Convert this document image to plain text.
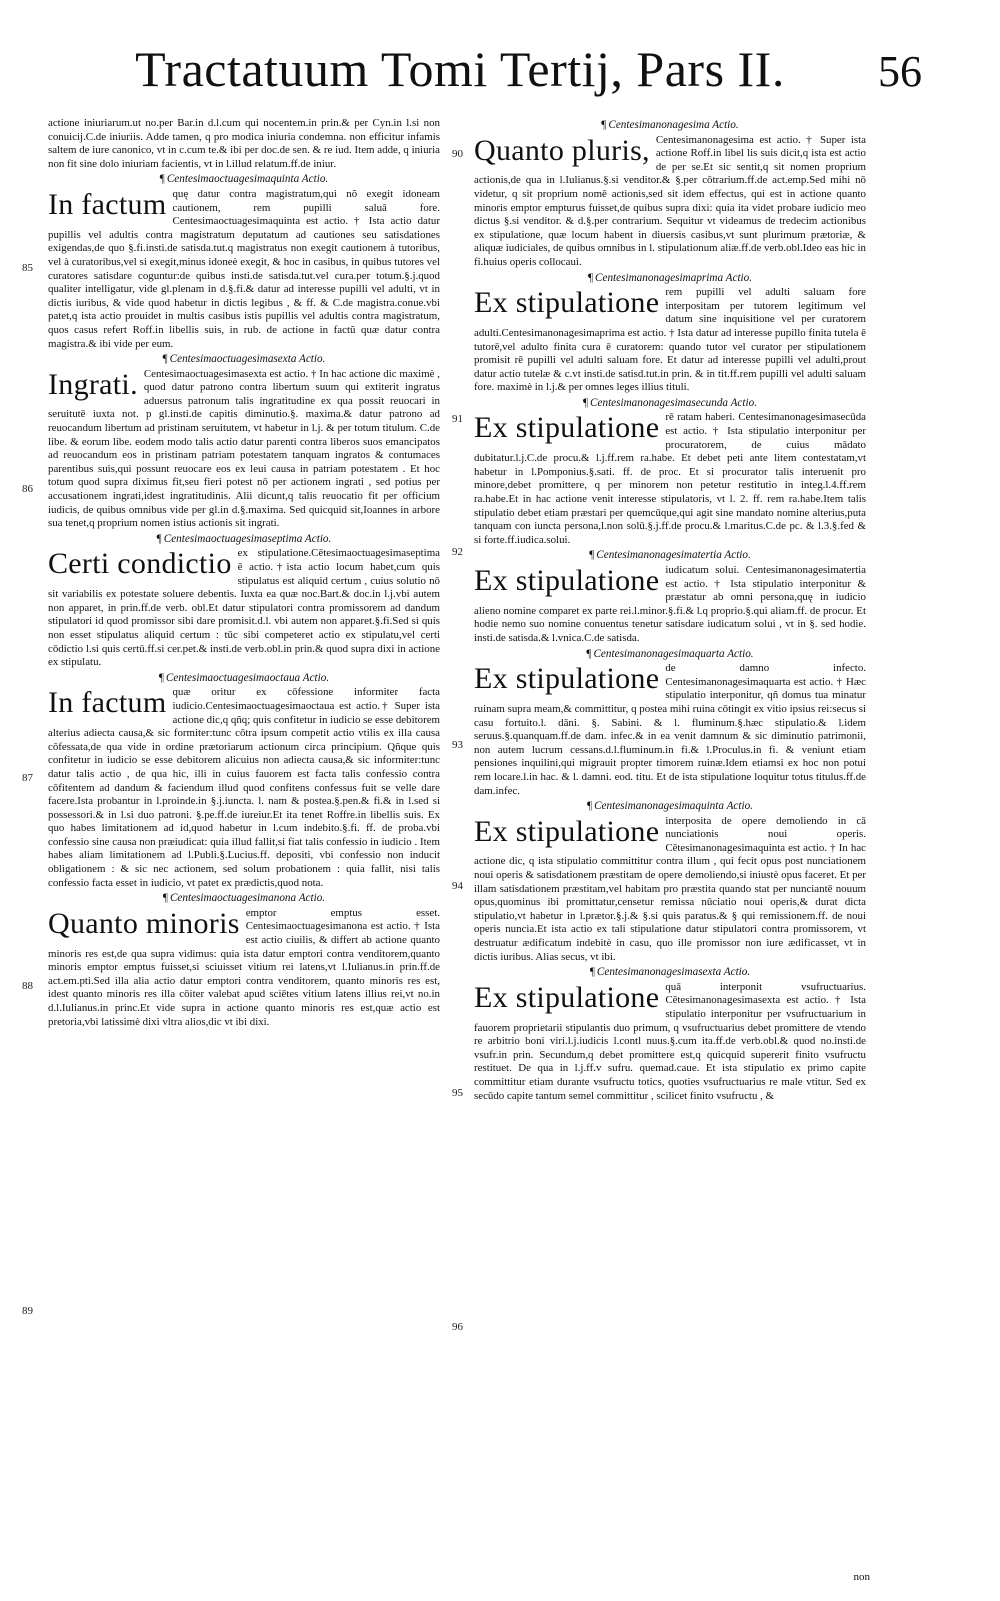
Tractatuum Tomi Tertij, Pars II.	56

actione iniuriarum.ut no.per Bar.in d.l.cum qui nocentem.in prin.& per Cyn.in l.si non conuicij.C.de iniuriis. Adde tamen, q pro modica iniuria condemna. non efficitur infamis saltem de iure canonico, vt in c.cum te.& ibi per doc.de sen. & re iud. Item adde, q iniuria non fit sine dolo iniuriam facientis, vt in l.illud relatum.ff.de iniur.

¶ Centesimaoctuagesimaquinta Actio.

In factum quę datur contra magistratum,qui nõ exegit idoneam cautionem, rem pupilli saluā fore. Centesimaoctuagesimaquinta est actio. † Ista actio datur pupillis vel adultis contra magistratum deputatum ad cautiones seu satisdationes exigendas,de quo §.fi.insti.de satisda.tut.q magistratus non exegit cautionem à tutoribus, vel à curatoribus,vel si exegit,minus idoneè exegit, & hoc in casibus, in quibus tutores vel curatores satisdare coguntur:de quibus insti.de satisda.tut.vel cura.per totum.§.j.quod qualiter intelligatur, vide gl.plenam in d.§.fi.& datur ad interesse pupilli vel adulti, vt in dictis iuribus, & vide quod habetur in dictis legibus , & ff. & C.de magistra.conue.vbi patet,q ista actio prouidet in multis casibus istis pupillis vel adultis contra magistratum, quos casus refert Roff.in libellis suis, in rub. de actione in factũ quæ datur contra magistra.& ibi vide per eum.

¶ Centesimaoctuagesimasexta Actio.

Ingrati. Centesimaoctuagesimasexta est actio. † In hac actione dic maximè , quod datur patrono contra libertum suum qui extiterit ingratus aduersus patronum talis ingratitudine ex qua possit reuocari in seruitutē iuxta not. p gl.insti.de capitis diminutio.§. maxima.& datur patrono ad reuocandum libertum ad pristinam seruitutem, vt habetur in l.j. & per totum titulum. C.de libe. & eorum libe. eodem modo talis actio datur parenti contra liberos suos emancipatos ad reuocandum eos in pristinam patriam potestatem tanquam ingratos & contumaces parentibus suis,qui possunt reuocare eos ex leui causa in patriam potestatem . Et hoc totum quod supra diximus fit,seu fieri potest nō per actionem ingrati , sed potius per accusationem ingrati,idest ingratitudinis. Alii dicunt,q talis reuocatio fit per officium iudicis, de quibus omnibus vide per gl.in d.§.maxima. Sed quicquid sit,Ioannes in arbore sua tenet,q proprium nomen istius actionis sit ingrati.

¶ Centesimaoctuagesimaseptima Actio.

Certi condictio ex stipulatione.Cētesimaoctuagesimaseptima ē actio.†ista actio locum habet,cum quis stipulatus est aliquid certum , cuius solutio nō sit variabilis ex potestate soluere debentis. Iuxta ea quæ noc.Bart.& doc.in l.j.vbi autem non apparet, in prin.ff.de verb. obl.Et datur stipulatori contra promissorem ad dandum stipulatori id quod promissor sibi dare promisit.d.l. vbi autem non apparet.§.fi.Sed si quis non esset stipulatus aliquid certum : tūc sibi competeret actio ex stipulatu,vel certi cōdictio l.si quis certū.ff.si cer.pet.& insti.de verb.obl.in prin.& quod supra dixi in actione ex stipulatu.

¶ Centesimaoctuagesimaoctaua Actio.

In factum quæ oritur ex cōfessione informiter facta iudicio.Centesimaoctuagesimaoctaua est actio.† Super ista actione dic,q qñq; quis confitetur in iudicio se esse debitorem alterius adiecta causa,& sic formiter:tunc cōtra ipsum competit actio vtilis ex illa causa cōfessata,de qua vide in ordine prætoriarum actionum circa principium. Qñque quis confitetur in iudicio se esse debitorem alicuius non adiecta causa,& sic informiter:tunc datur talis actio , de qua hic, illi in cuius fauorem est facta talis confessio contra cōfitentem ad dandum & faciendum illud quod confitens confessus fuit se velle dare facere.Ista probantur in l.proinde.in §.j.iuncta. l. nam & postea.§.pen.& fi.& in l.sed si possessori.& in l.si duo patroni. §.pe.ff.de iureiur.Et ita tenet Roffre.in libellis suis. Ex quo habes limitationem ad id,quod habetur in l.cum indebito.§.fi. ff. de proba.vbi confessio sine causa non præiudicat: quia illud fallit,si fiat talis confessio in iudicio . Item habes aliam limitationem ad l.Publi.§.Lucius.ff. depositi, vbi confessio non inducit obligationem : & sic nec actionem, sed solum probationem : quia fallit, nisi talis confessio facta esset in iudicio, vt patet ex prædictis,quod nota.

¶ Centesimaoctuagesimanona Actio.

Quanto minoris emptor emptus esset. Centesimaoctuagesimanona est actio. † Ista est actio ciuilis, & differt ab actione quanto minoris res est,de qua supra vidimus: quia ista datur emptori contra venditorem,quanto minoris emptor emptus fuisset,si sciuisset vitium rei latens,vt l.Iulianus.in prin.ff.de act.em.pti.Sed illa alia actio datur emptori contra venditorem, quanto minoris res est, idest quanto minoris res illa cōiter valebat apud sciētes vitium latens illius rei,vt no.in d.l.Iulianus.in princ.Et vide supra in actione quanto minoris res est,quæ actio est pretoria,vbi latissimè dixi vltra alios,dic vt ibi dixi.

¶ Centesimanonagesima Actio.

Quanto pluris, Centesimanonagesima est actio. † Super ista actione Roff.in libel lis suis dicit,q ista est actio de per se.Et sic sentit,q sit nomen proprium actionis,de qua in l.Iulianus.§.si venditor.& §.per cōtrarium.ff.de act.emp.Sed mihi nō videtur, q sit proprium nomē actionis,sed sit idem effectus, qui est in actione quanto minoris emptor empturus fuisset,de quibus supra dixi: quia ita videt probare iudicio meo dictus §.si venditor. & d.§.per contrarium. Sequitur vt videamus de tredecim actionibus ex stipulatione, quæ locum habent in diuersis casibus,vt sunt plurimum prætoriæ, & aliquæ iudiciales, de quibus omnibus in l. stipulationum aliæ.ff.de verb.obl.Ideo eas hic in fi.huius operis collocaui.

¶ Centesimanonagesimaprima Actio.

Ex stipulatione rem pupilli vel adulti saluam fore interpositam per tutorem legitimum vel datum sine inquisitione vel per curatorem adulti.Centesimanonagesimaprima est actio. † Ista datur ad interesse pupillo finita tutela ē tutorē,vel adulto finita cura ē curatorem: quando tutor vel curator per stipulationem promisit rē pupilli vel adulti saluam fore. Et datur ad interesse pupilli vel adulti,prout datur actio tutelæ & c.vt insti.de satisd.tut.in prin. & in tit.ff.rem pupilli vel adulti saluam fore. maximè in l.j.& per omnes leges illius tituli.

¶ Centesimanonagesimasecunda Actio.

Ex stipulatione rē ratam haberi. Centesimanonagesimasecūda est actio. † Ista stipulatio interponitur per procuratorem, de cuius mādato dubitatur.l.j.C.de procu.& l.j.ff.rem ra.habe. Et debet peti ante litem contestatam,vt habetur in l.Pomponius.§.sati. ff. de proc. Et si procurator talis interuenit pro minore,debet promittere, q per minorem non petetur restitutio in integ.l.4.ff.rem ra.habe.Et in hac actione venit interesse stipulatoris, vt l. 2. ff. rem ra.habe.Item talis stipulatio debet etiam præstari per quemcūque,qui agit sine mandato nomine alterius,puta tanquam con iuncta persona,l.non solū.§.j.ff.de procu.& l.maritus.C.de pc. & l.3.§.fed & si forte.ff.iudica.solui.

¶ Centesimanonagesimatertia Actio.

Ex stipulatione iudicatum solui. Centesimanonagesimatertia est actio. † Ista stipulatio interponitur & præstatur ab omni persona,quę in iudicio alieno nomine comparet ex parte rei.l.minor.§.fi.& l.q proprio.§.qui aliam.ff. de procur. Et hodie nemo suo nomine conuentus tenetur satisdare iudicatum solui , vt in §. sed hodie. insti.de satisda.& l.vnica.C.de satisda.

¶ Centesimanonagesimaquarta Actio.

Ex stipulatione de damno infecto. Centesimanonagesimaquarta est actio. † Hæc stipulatio interponitur, qñ domus tua minatur ruinam supra meam,& committitur, q postea mihi ruina cōtingit ex vitio ipsius rei:secus si casu fortuito.l. dāni. §. Sabini. & l. fluminum.§.hæc stipulatio.& l.idem seruus.§.quanquam.ff.de dam. infec.& in ea venit damnum & sic diminutio patrimonii, non autem lucrum cessans.d.l.fluminum.in fi.& l.Proculus.in fi. & veniunt etiam pensiones inquilini,qui migrauit propter timorem ruinæ.Idem etiamsi ex hoc non potui rem locare.l.in hac. & l. damni. eod. titu. Et de ista stipulatione loquitur totus titulus.ff.de dam.infec.

¶ Centesimanonagesimaquinta Actio.

Ex stipulatione interposita de opere demoliendo in cā nunciationis noui operis. Cētesimanonagesimaquinta est actio. † In hac actione dic, q ista stipulatio committitur contra illum , qui fecit opus post nunciationem noui operis & satisdationem præstitam de opere demoliendo,si iniustè opus faceret. Et per illam satisdationem præstitam,vel habitam pro præstita quando stat per nunciantē nouum opus,quominus ibi promittatur,censetur remissa nūciatio noui operis,& durat dicta stipulatio,vt habetur in l.prætor.§.j.& §.si quis paratus.& § qui remissionem.ff. de noui operis nuncia.Et ista actio ex tali stipulatione datur stipulatori contra promissorem, vt destruatur ædificatum indebitè in casu, quo ille promissor non iure ædificasset, vt in dictis iuribus. Alias secus, vt ibi.

¶ Centesimanonagesimasexta Actio.

Ex stipulatione quā interponit vsufructuarius. Cētesimanonagesimasexta est actio. † Ista stipulatio interponitur per vsufructuarium in fauorem proprietarii stipulantis duo primum, q vsufructuarius debet promittere de vtendo re arbitrio boni viri.l.j.iudicis l.contl nuus.§.cum ita.ff.de verb.obl.& quod no.insti.de vsufr.in prin. Secundum,q debet promittere est,q quicquid supererit finito vsufructu restituet. De qua in l.j.ff.v sufru. quemad.caue. Et ista stipulatio ex primo capite committitur etiam durante vsufructu totics, quoties vsufructuarius re male vtitur. Sed ex secūdo capite tantum semel committitur , scilicet finito vsufructu , &

85
86
87
88
89
90
91
92
93
94
95
96
non
